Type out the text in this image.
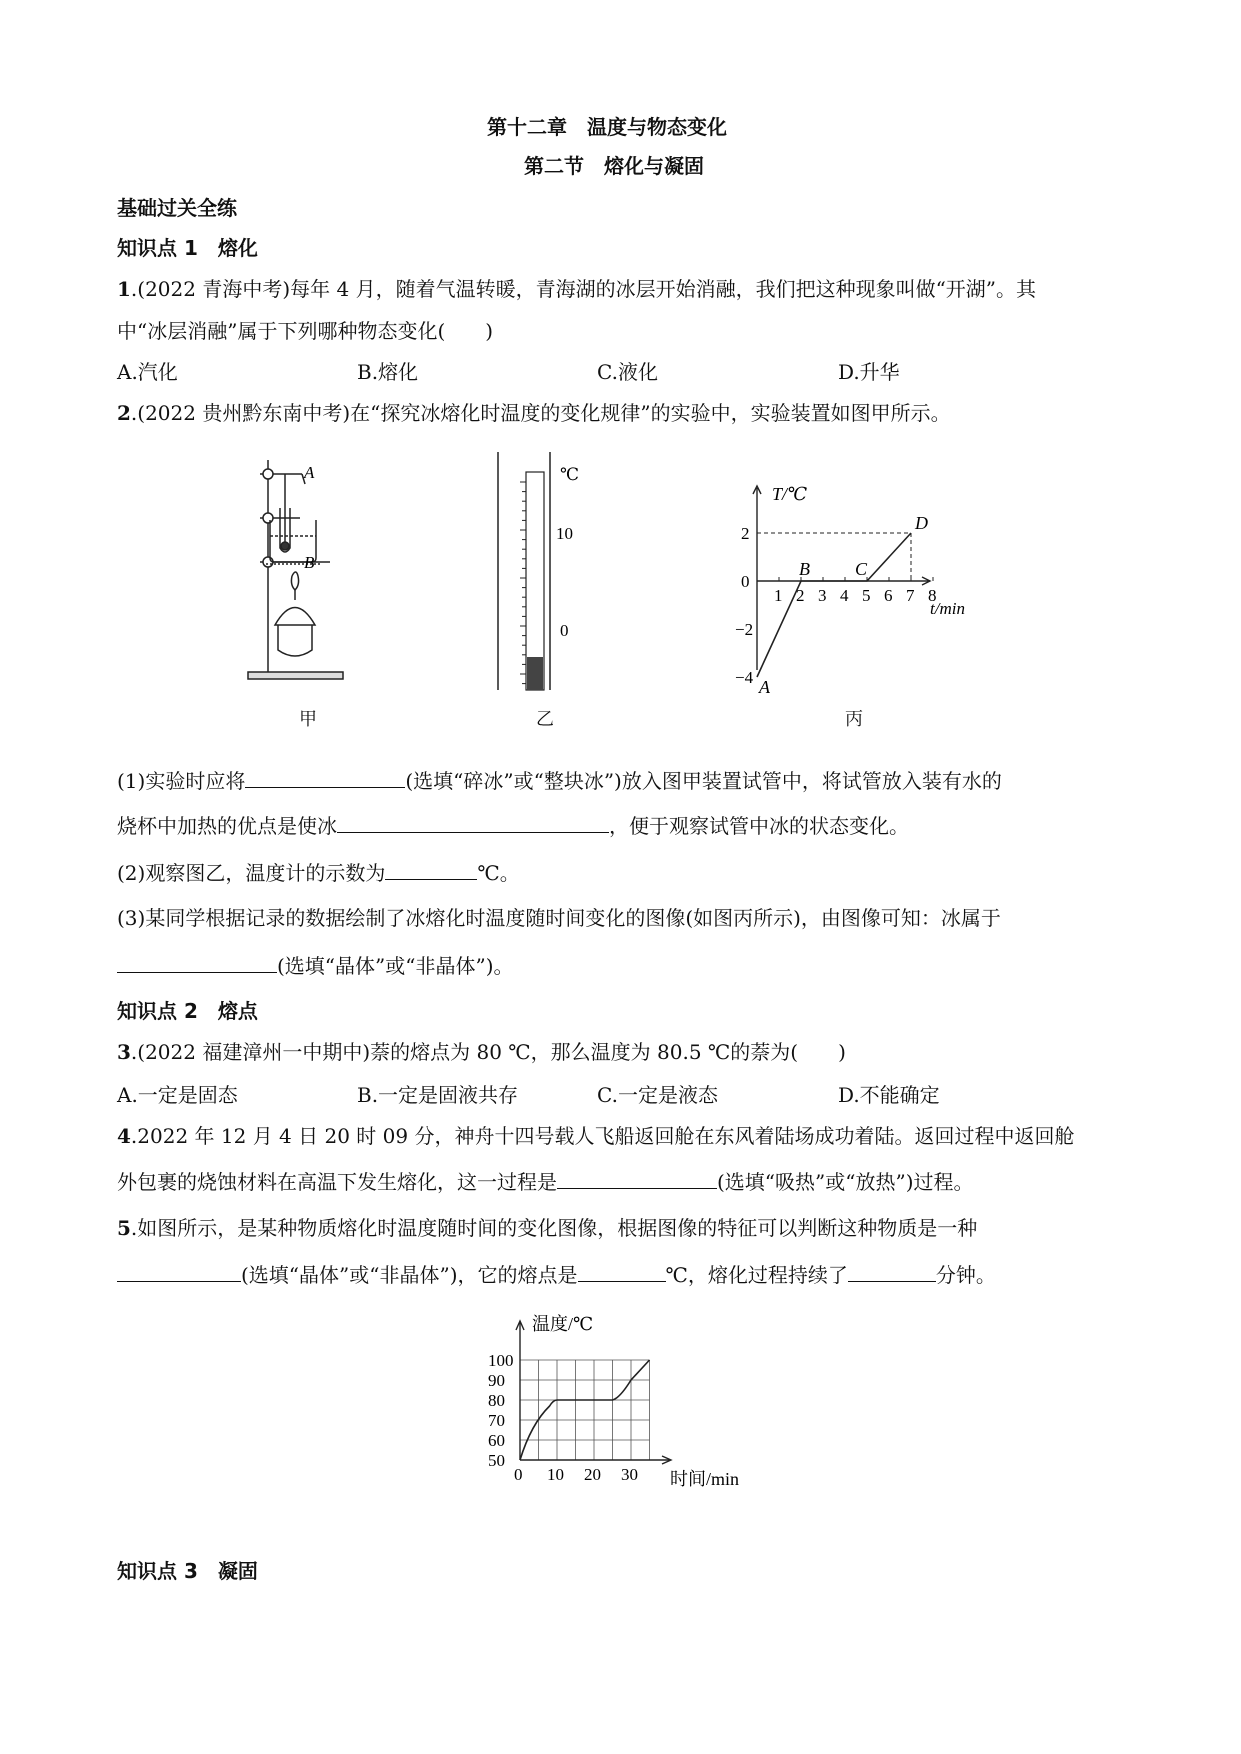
第十二章　温度与物态变化
第二节　熔化与凝固
基础过关全练
知识点 1　熔化
1.(2022 青海中考)每年 4 月，随着气温转暖，青海湖的冰层开始消融，我们把这种现象叫做“开湖”。其
中“冰层消融”属于下列哪种物态变化(　　)
A.汽化	B.熔化	C.液化	D.升华
2.(2022 贵州黔东南中考)在“探究冰熔化时温度的变化规律”的实验中，实验装置如图甲所示。
A
B
甲
℃
10
0
乙
2
0
−2
−4
1 2 3 4 5 6 7 8
A
B	C
D
T/℃
t/min
丙
(1)实验时应将	(选填“碎冰”或“整块冰”)放入图甲装置试管中，将试管放入装有水的
烧杯中加热的优点是使冰	，便于观察试管中冰的状态变化。
(2)观察图乙，温度计的示数为	℃。
(3)某同学根据记录的数据绘制了冰熔化时温度随时间变化的图像(如图丙所示)，由图像可知：冰属于
(选填“晶体”或“非晶体”)。
知识点 2　熔点
3.(2022 福建漳州一中期中)萘的熔点为 80 ℃，那么温度为 80.5 ℃的萘为(　　)
A.一定是固态	B.一定是固液共存	C.一定是液态	D.不能确定
4.2022 年 12 月 4 日 20 时 09 分，神舟十四号载人飞船返回舱在东风着陆场成功着陆。返回过程中返回舱
外包裹的烧蚀材料在高温下发生熔化，这一过程是	(选填“吸热”或“放热”)过程。
5.如图所示，是某种物质熔化时温度随时间的变化图像，根据图像的特征可以判断这种物质是一种
(选填“晶体”或“非晶体”)，它的熔点是	℃，熔化过程持续了	分钟。
100
90
80
70
60
50
0 10 20 30
温度/℃
时间/min
知识点 3　凝固
